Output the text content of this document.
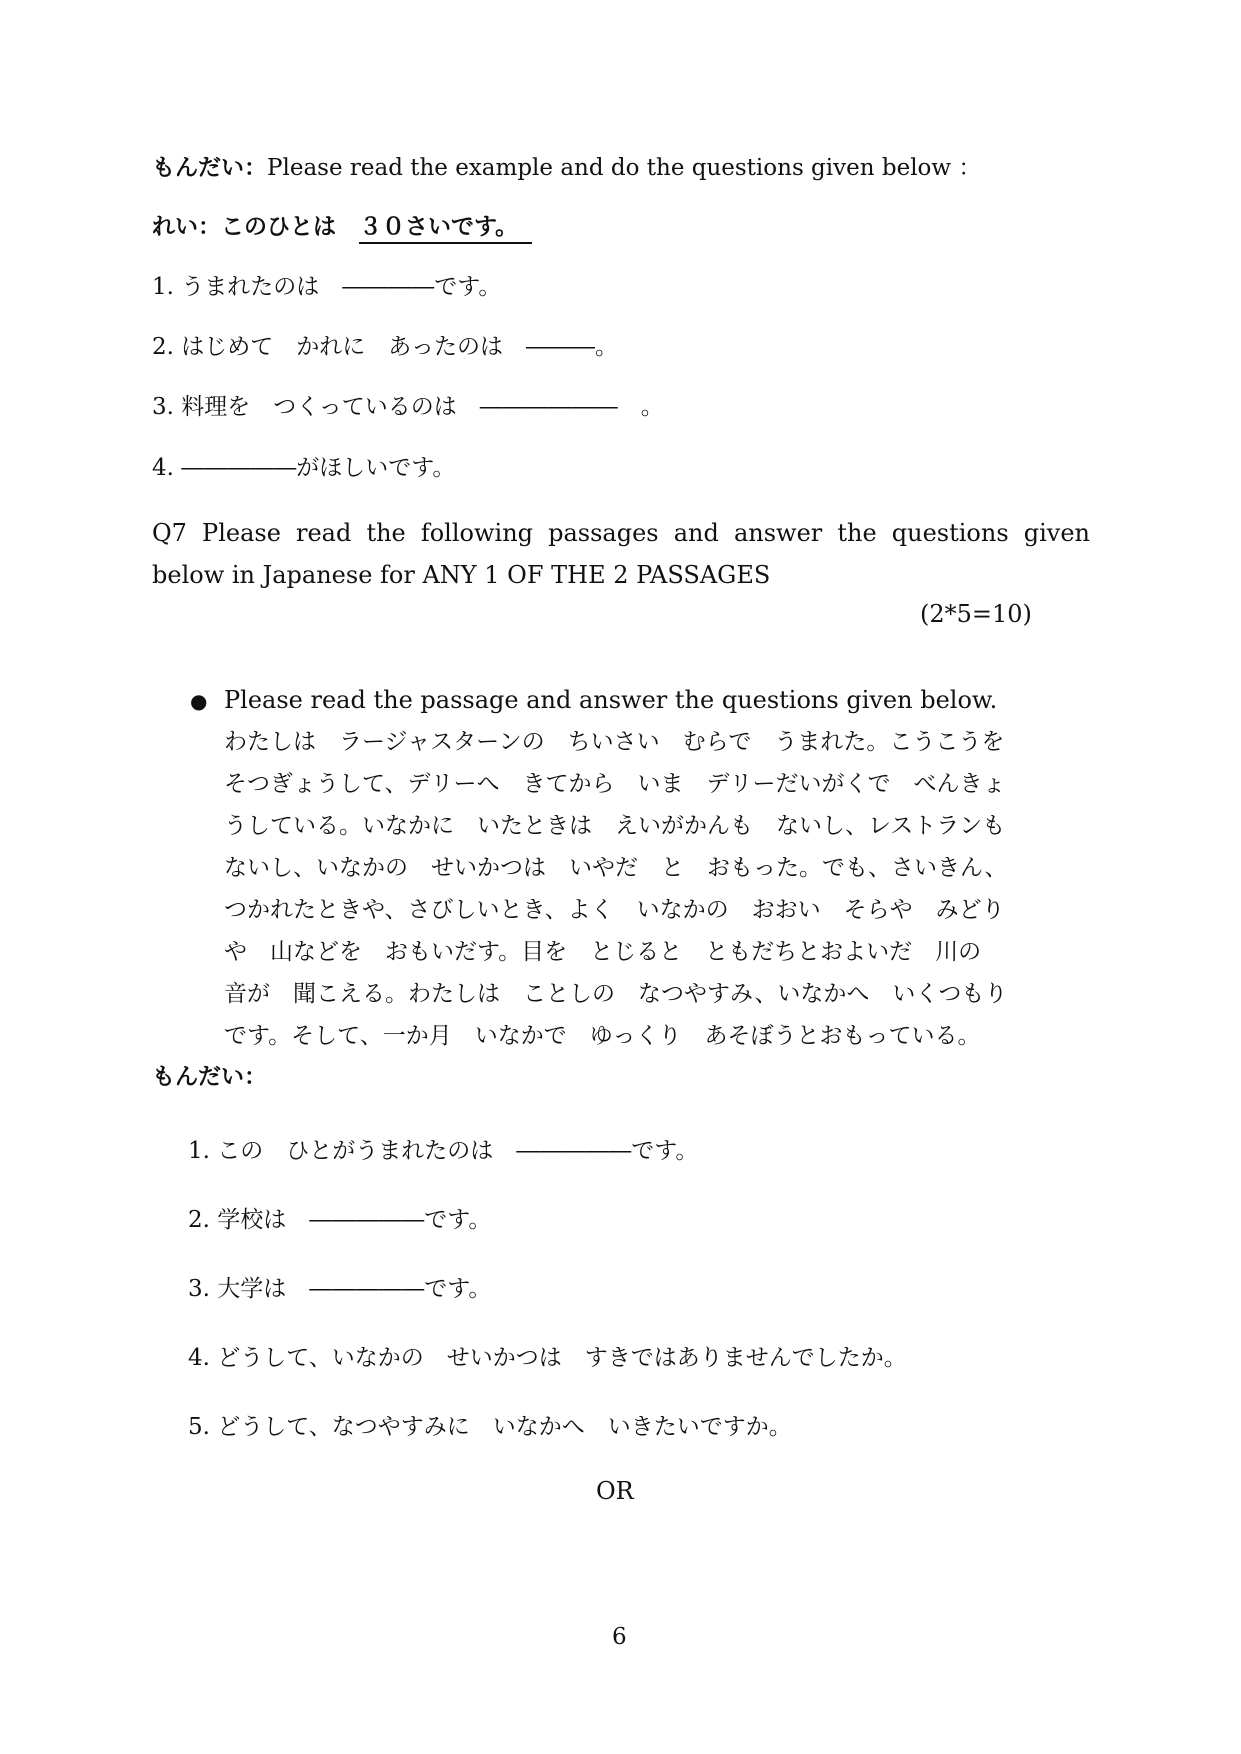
もんだい：Please read the example and do the questions given below ：
れい：このひとは　 ３０さいです。
1. うまれたのは　――――です。
2. はじめて　かれに　あったのは　―――。
3. 料理を　つくっているのは　――――――　。
4. ―――――がほしいです。
Q7 Please read the following passages and answer the questions given below in Japanese for ANY 1 OF THE 2 PASSAGES
(2*5=10)
● Please read the passage and answer the questions given below.

わたしは　ラージャスターンの　ちいさい　むらで　うまれた。こうこうを

そつぎょうして、デリーへ　きてから　いま　デリーだいがくで　べんきょ

うしている。いなかに　いたときは　えいがかんも　ないし、レストランも

ないし、いなかの　せいかつは　いやだ　と　おもった。でも、さいきん、

つかれたときや、さびしいとき、よく　いなかの　おおい　そらや　みどり

や　山などを　おもいだす。目を　とじると　ともだちとおよいだ　川の

音が　聞こえる。わたしは　ことしの　なつやすみ、いなかへ　いくつもり

です。そして、一か月　いなかで　ゆっくり　あそぼうとおもっている。

もんだい：
1. この　ひとがうまれたのは　―――――です。
2. 学校は　―――――です。
3. 大学は　―――――です。
4. どうして、いなかの　せいかつは　すきではありませんでしたか。
5. どうして、なつやすみに　いなかへ　いきたいですか。
OR
6
